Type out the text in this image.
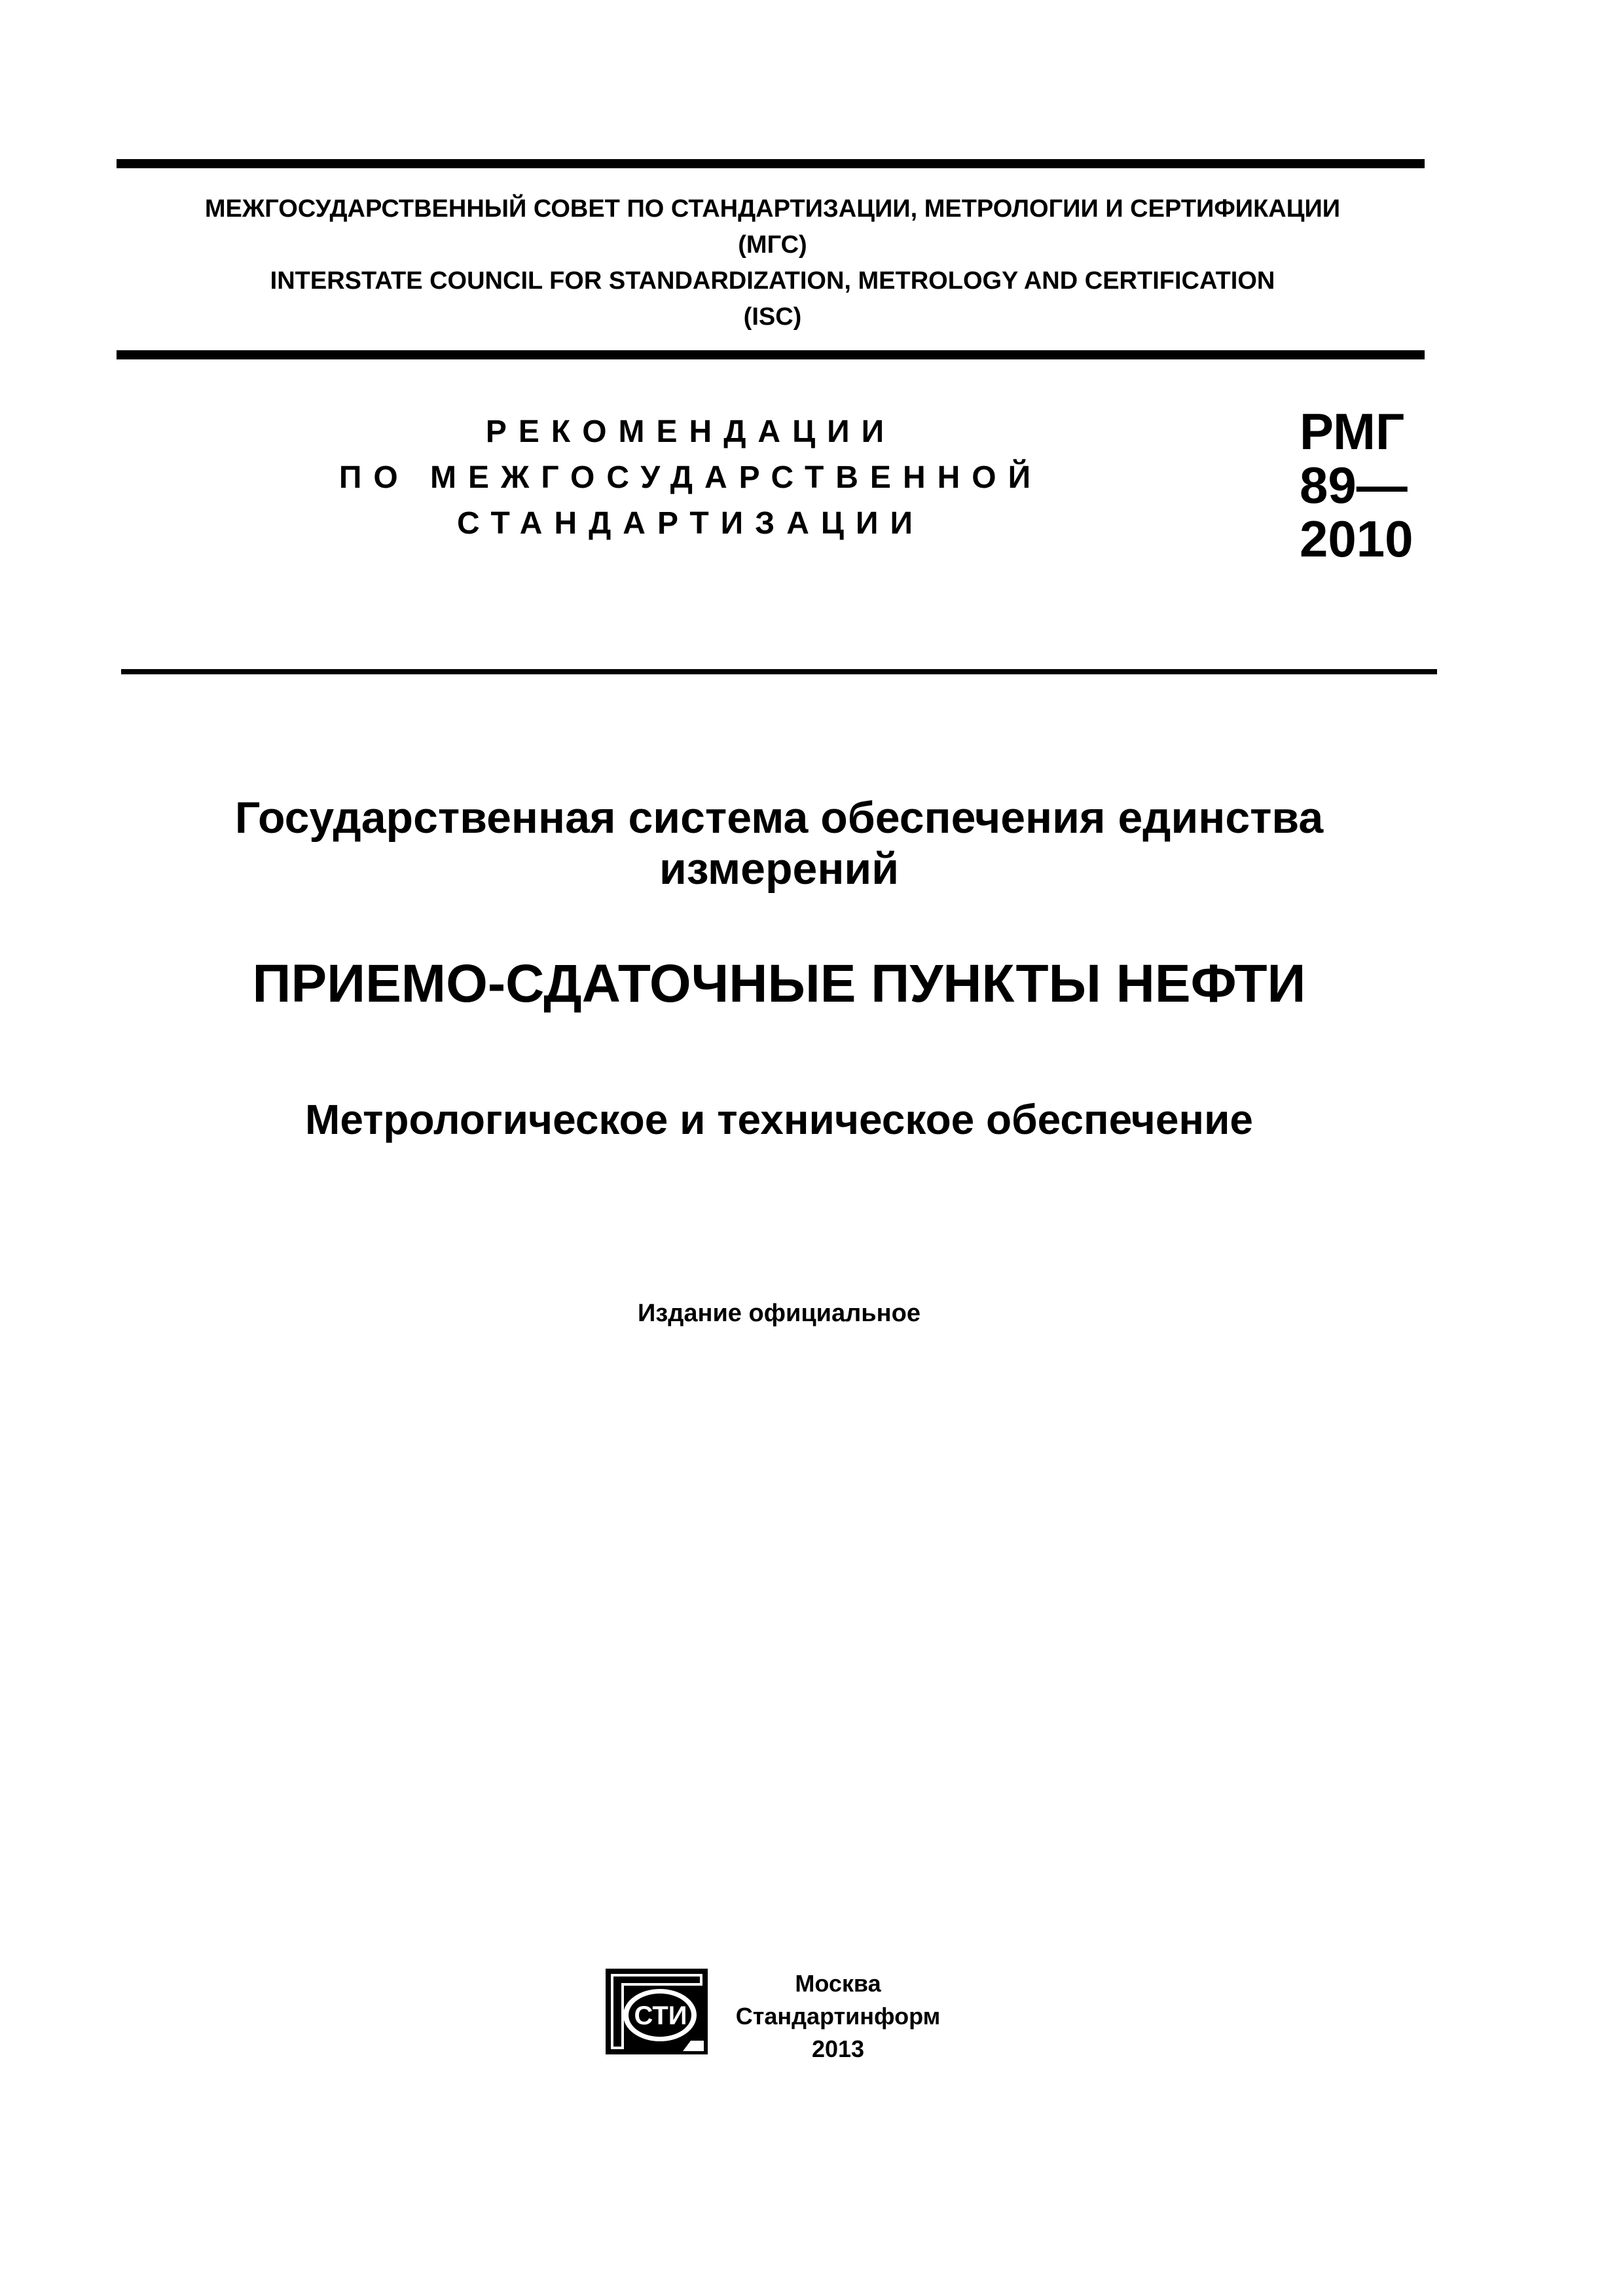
МЕЖГОСУДАРСТВЕННЫЙ СОВЕТ ПО СТАНДАРТИЗАЦИИ, МЕТРОЛОГИИ И СЕРТИФИКАЦИИ
(МГС)
INTERSTATE COUNCIL FOR STANDARDIZATION, METROLOGY AND CERTIFICATION
(ISC)
РЕКОМЕНДАЦИИ
ПО МЕЖГОСУДАРСТВЕННОЙ
СТАНДАРТИЗАЦИИ
РМГ
89—
2010
Государственная система обеспечения единства измерений
ПРИЕМО-СДАТОЧНЫЕ ПУНКТЫ НЕФТИ
Метрологическое и техническое обеспечение
Издание официальное
СТИ
Москва
Стандартинформ
2013
